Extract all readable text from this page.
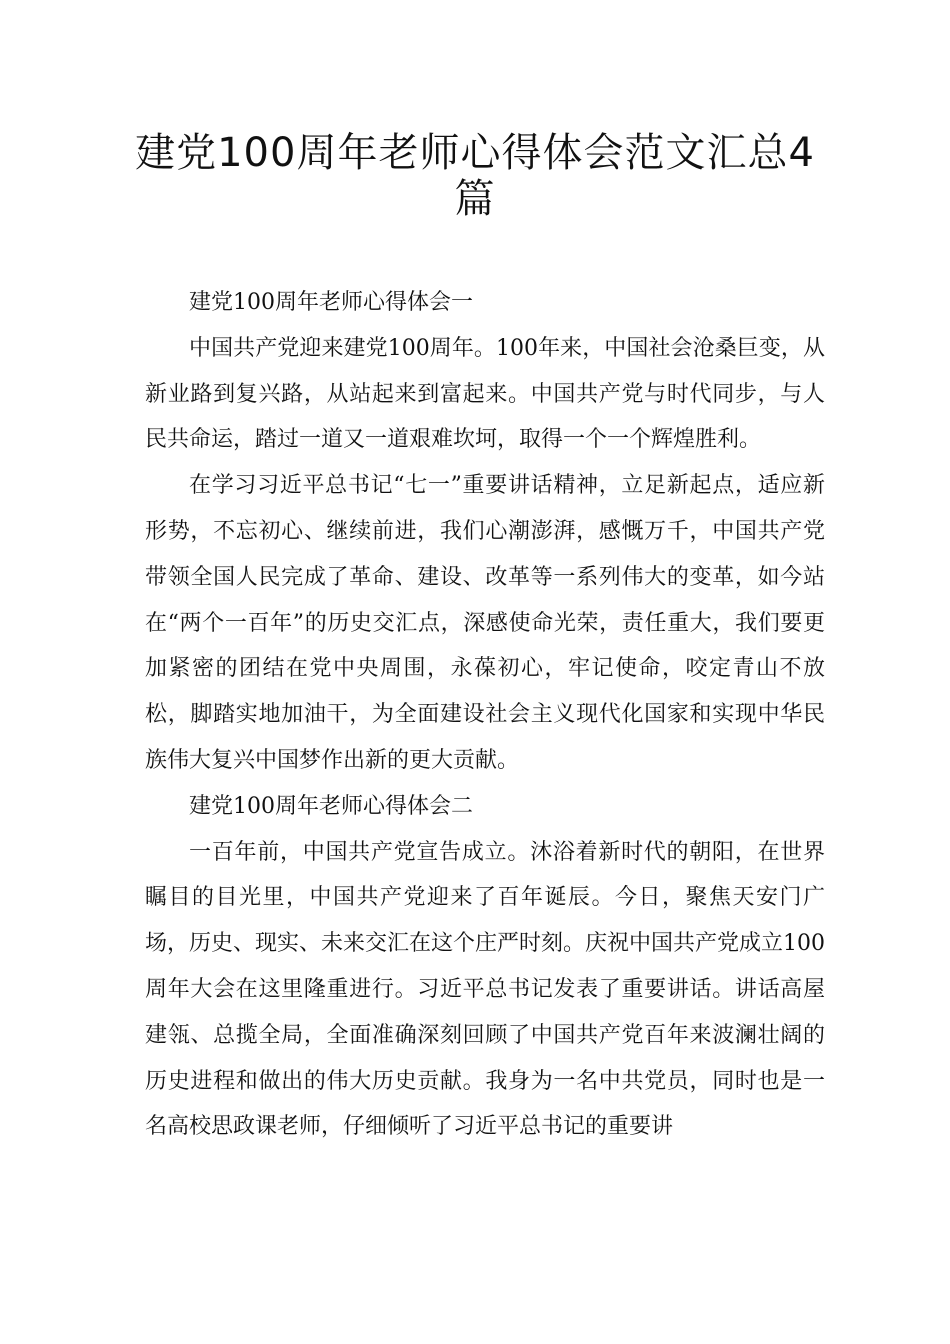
建党100周年老师心得体会范文汇总4篇

建党100周年老师心得体会一

中国共产党迎来建党100周年。100年来，中国社会沧桑巨变，从新业路到复兴路，从站起来到富起来。中国共产党与时代同步，与人民共命运，踏过一道又一道艰难坎坷，取得一个一个辉煌胜利。

在学习习近平总书记“七一”重要讲话精神，立足新起点，适应新形势，不忘初心、继续前进，我们心潮澎湃，感慨万千，中国共产党带领全国人民完成了革命、建设、改革等一系列伟大的变革，如今站在“两个一百年”的历史交汇点，深感使命光荣，责任重大，我们要更加紧密的团结在党中央周围，永葆初心，牢记使命，咬定青山不放松，脚踏实地加油干，为全面建设社会主义现代化国家和实现中华民族伟大复兴中国梦作出新的更大贡献。

建党100周年老师心得体会二

一百年前，中国共产党宣告成立。沐浴着新时代的朝阳，在世界瞩目的目光里，中国共产党迎来了百年诞辰。今日，聚焦天安门广场，历史、现实、未来交汇在这个庄严时刻。庆祝中国共产党成立100周年大会在这里隆重进行。习近平总书记发表了重要讲话。讲话高屋建瓴、总揽全局，全面准确深刻回顾了中国共产党百年来波澜壮阔的历史进程和做出的伟大历史贡献。我身为一名中共党员，同时也是一名高校思政课老师，仔细倾听了习近平总书记的重要讲
